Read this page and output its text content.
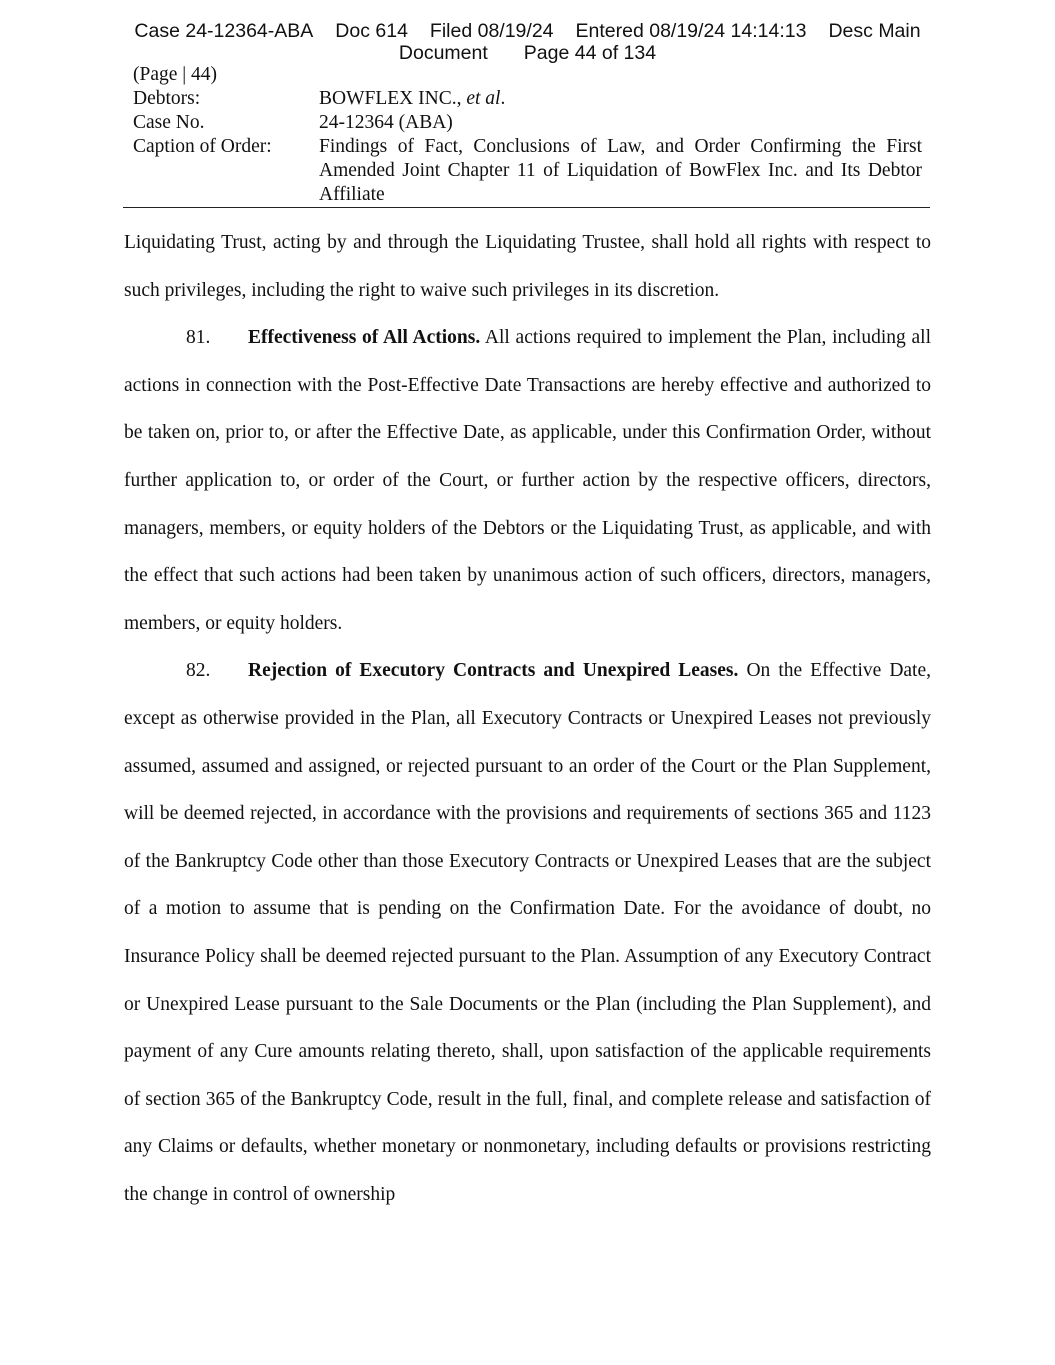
Case 24-12364-ABA Doc 614 Filed 08/19/24 Entered 08/19/24 14:14:13 Desc Main
Document Page 44 of 134
(Page | 44)
Debtors:	BOWFLEX INC., et al.
Case No.	24-12364 (ABA)
Caption of Order:	Findings of Fact, Conclusions of Law, and Order Confirming the First Amended Joint Chapter 11 of Liquidation of BowFlex Inc. and Its Debtor Affiliate

Liquidating Trust, acting by and through the Liquidating Trustee, shall hold all rights with respect to such privileges, including the right to waive such privileges in its discretion.

81. Effectiveness of All Actions. All actions required to implement the Plan, including all actions in connection with the Post-Effective Date Transactions are hereby effective and authorized to be taken on, prior to, or after the Effective Date, as applicable, under this Confirmation Order, without further application to, or order of the Court, or further action by the respective officers, directors, managers, members, or equity holders of the Debtors or the Liquidating Trust, as applicable, and with the effect that such actions had been taken by unanimous action of such officers, directors, managers, members, or equity holders.

82. Rejection of Executory Contracts and Unexpired Leases. On the Effective Date, except as otherwise provided in the Plan, all Executory Contracts or Unexpired Leases not previously assumed, assumed and assigned, or rejected pursuant to an order of the Court or the Plan Supplement, will be deemed rejected, in accordance with the provisions and requirements of sections 365 and 1123 of the Bankruptcy Code other than those Executory Contracts or Unexpired Leases that are the subject of a motion to assume that is pending on the Confirmation Date. For the avoidance of doubt, no Insurance Policy shall be deemed rejected pursuant to the Plan. Assumption of any Executory Contract or Unexpired Lease pursuant to the Sale Documents or the Plan (including the Plan Supplement), and payment of any Cure amounts relating thereto, shall, upon satisfaction of the applicable requirements of section 365 of the Bankruptcy Code, result in the full, final, and complete release and satisfaction of any Claims or defaults, whether monetary or nonmonetary, including defaults or provisions restricting the change in control of ownership
